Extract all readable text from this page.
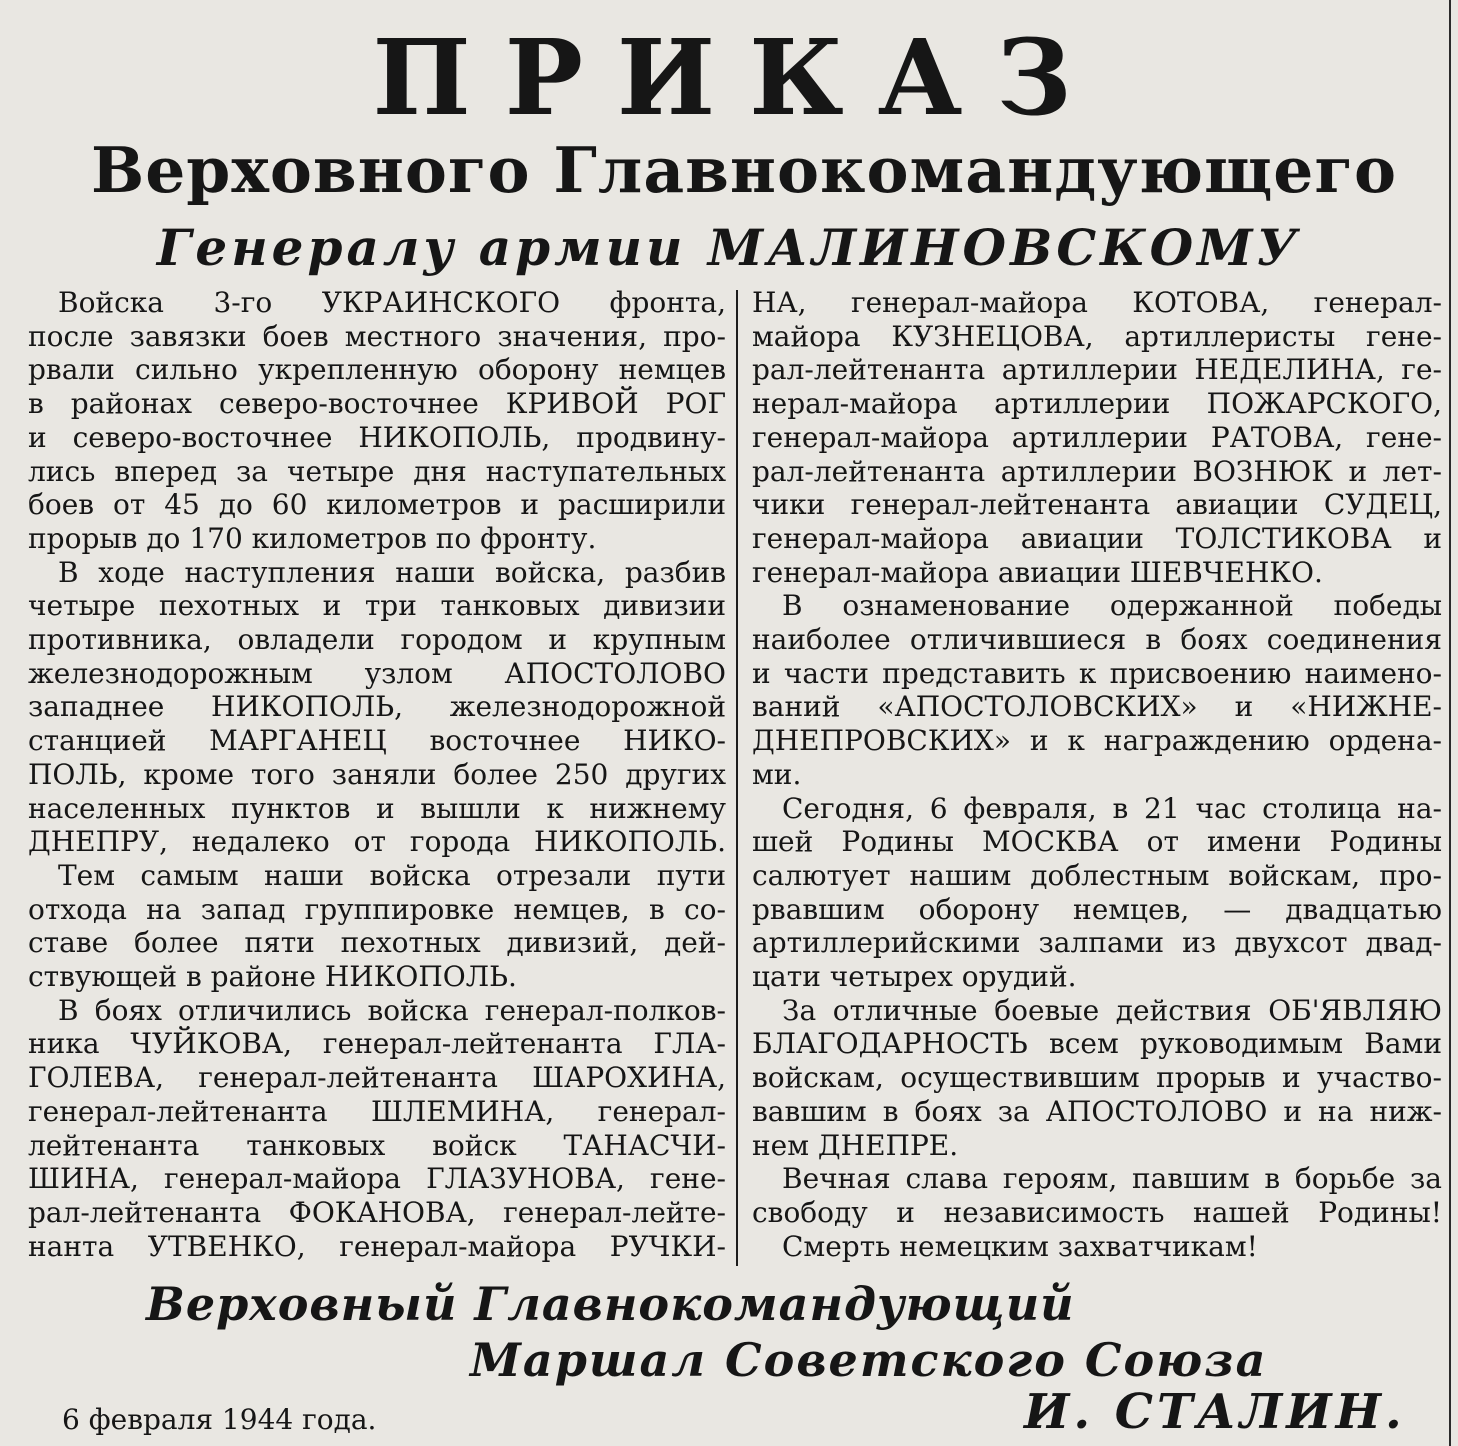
ПРИКАЗ
Верховного Главнокомандующего
Генералу армии МАЛИНОВСКОМУ
Войска 3-го УКРАИНСКОГО фронта,
после завязки боев местного значения, про-
рвали сильно укрепленную оборону немцев
в районах северо-восточнее КРИВОЙ РОГ
и северо-восточнее НИКОПОЛЬ, продвину-
лись вперед за четыре дня наступательных
боев от 45 до 60 километров и расширили
прорыв до 170 километров по фронту.
В ходе наступления наши войска, разбив
четыре пехотных и три танковых дивизии
противника, овладели городом и крупным
железнодорожным узлом АПОСТОЛОВО
западнее НИКОПОЛЬ, железнодорожной
станцией МАРГАНЕЦ восточнее НИКО-
ПОЛЬ, кроме того заняли более 250 других
населенных пунктов и вышли к нижнему
ДНЕПРУ, недалеко от города НИКОПОЛЬ.
Тем самым наши войска отрезали пути
отхода на запад группировке немцев, в со-
ставе более пяти пехотных дивизий, дей-
ствующей в районе НИКОПОЛЬ.
В боях отличились войска генерал-полков-
ника ЧУЙКОВА, генерал-лейтенанта ГЛА-
ГОЛЕВА, генерал-лейтенанта ШАРОХИНА,
генерал-лейтенанта ШЛЕМИНА, генерал-
лейтенанта танковых войск ТАНАСЧИ-
ШИНА, генерал-майора ГЛАЗУНОВА, гене-
рал-лейтенанта ФОКАНОВА, генерал-лейте-
нанта УТВЕНКО, генерал-майора РУЧКИ-
НА, генерал-майора КОТОВА, генерал-
майора КУЗНЕЦОВА, артиллеристы гене-
рал-лейтенанта артиллерии НЕДЕЛИНА, ге-
нерал-майора артиллерии ПОЖАРСКОГО,
генерал-майора артиллерии РАТОВА, гене-
рал-лейтенанта артиллерии ВОЗНЮК и лет-
чики генерал-лейтенанта авиации СУДЕЦ,
генерал-майора авиации ТОЛСТИКОВА и
генерал-майора авиации ШЕВЧЕНКО.
В ознаменование одержанной победы
наиболее отличившиеся в боях соединения
и части представить к присвоению наимено-
ваний «АПОСТОЛОВСКИХ» и «НИЖНЕ-
ДНЕПРОВСКИХ» и к награждению ордена-
ми.
Сегодня, 6 февраля, в 21 час столица на-
шей Родины МОСКВА от имени Родины
салютует нашим доблестным войскам, про-
рвавшим оборону немцев, — двадцатью
артиллерийскими залпами из двухсот двад-
цати четырех орудий.
За отличные боевые действия ОБ'ЯВЛЯЮ
БЛАГОДАРНОСТЬ всем руководимым Вами
войскам, осуществившим прорыв и участво-
вавшим в боях за АПОСТОЛОВО и на ниж-
нем ДНЕПРЕ.
Вечная слава героям, павшим в борьбе за
свободу и независимость нашей Родины!
Смерть немецким захватчикам!

Верховный Главнокомандующий

Маршал Советского Союза

И. СТАЛИН.

6 февраля 1944 года.
